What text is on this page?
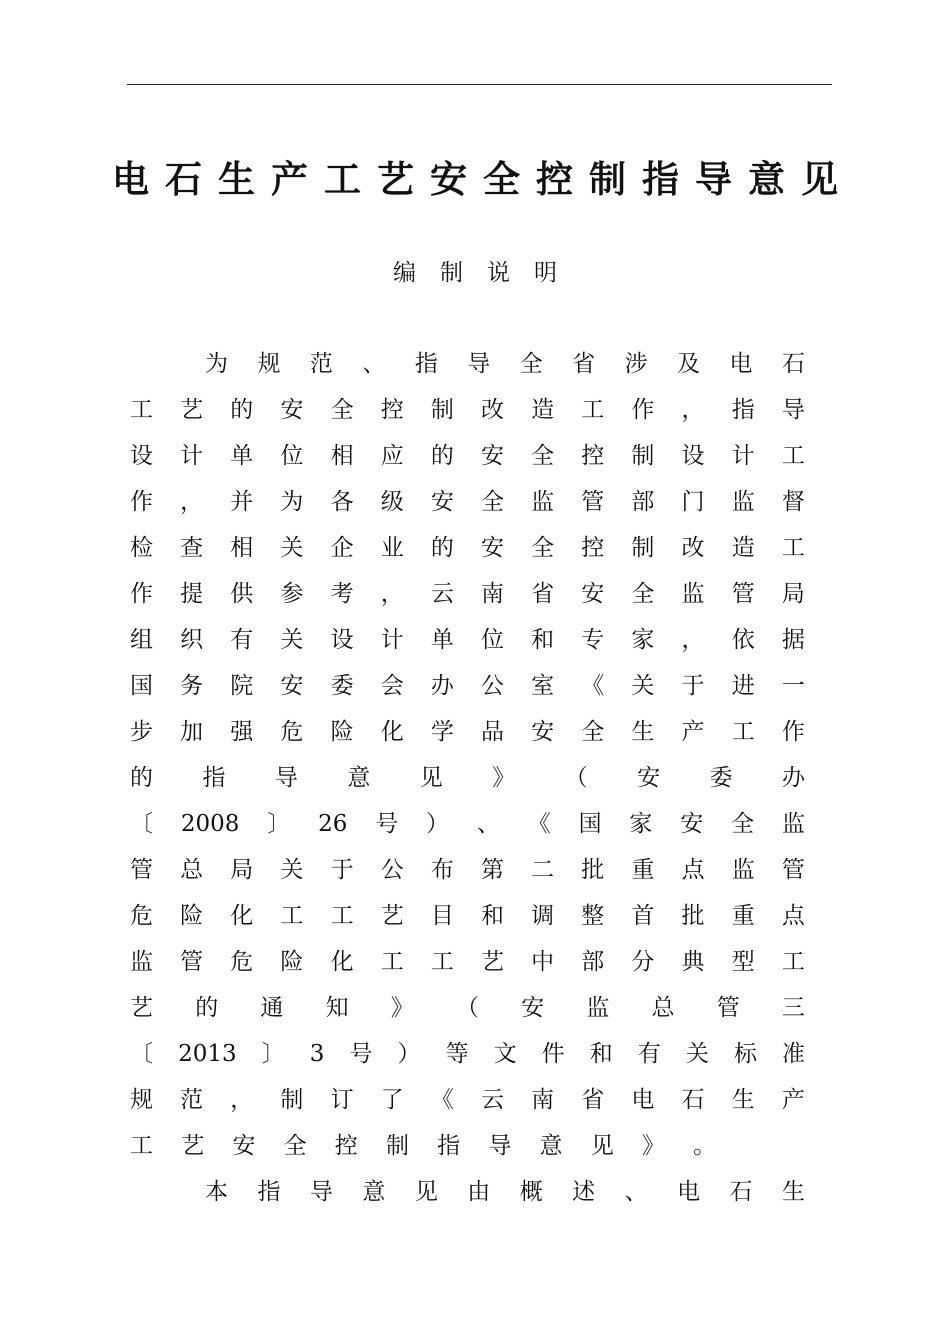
电石生产工艺安全控制指导意见
编制说明
为 规 范 、 指 导 全 省 涉 及 电 石
工 艺 的 安 全 控 制 改 造 工 作 ， 指 导
设 计 单 位 相 应 的 安 全 控 制 设 计 工
作 ， 并 为 各 级 安 全 监 管 部 门 监 督
检 查 相 关 企 业 的 安 全 控 制 改 造 工
作 提 供 参 考 ， 云 南 省 安 全 监 管 局
组 织 有 关 设 计 单 位 和 专 家 ， 依 据
国 务 院 安 委 会 办 公 室 《 关 于 进 一
步 加 强 危 险 化 学 品 安 全 生 产 工 作
的 指 导 意 见 》 （ 安 委 办
〔 2008 〕 26 号 ） 、 《 国 家 安 全 监
管 总 局 关 于 公 布 第 二 批 重 点 监 管
危 险 化 工 工 艺 目 和 调 整 首 批 重 点
监 管 危 险 化 工 工 艺 中 部 分 典 型 工
艺 的 通 知 》 （ 安 监 总 管 三
〔 2013 〕 3 号 ） 等 文 件 和 有 关 标 准
规 范 ， 制 订 了 《 云 南 省 电 石 生 产
工 艺 安 全 控 制 指 导 意 见 》 。
本 指 导 意 见 由 概 述 、 电 石 生
